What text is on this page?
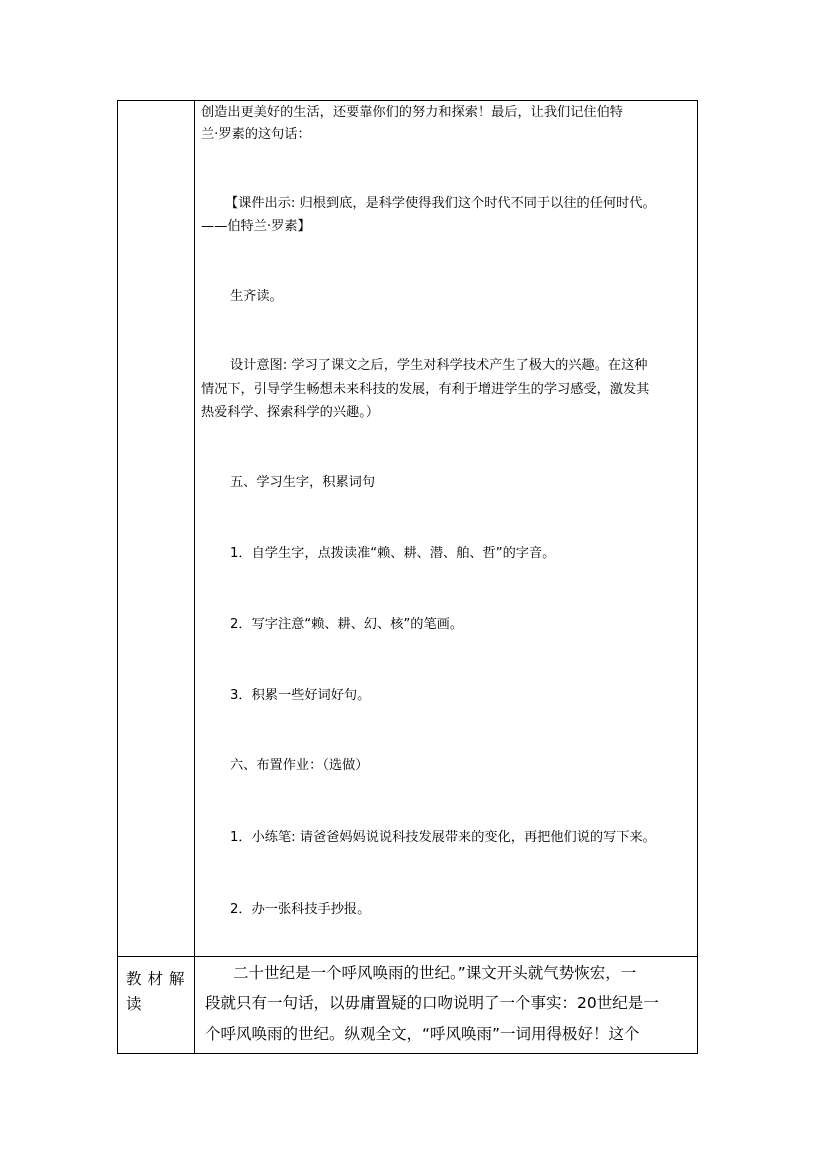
创造出更美好的生活，还要靠你们的努力和探索！最后，让我们记住伯特

兰·罗素的这句话：

【课件出示: 归根到底，是科学使得我们这个时代不同于以往的任何时代。

——伯特兰·罗素】

生齐读。

设计意图: 学习了课文之后，学生对科学技术产生了极大的兴趣。在这种

情况下，引导学生畅想未来科技的发展，有利于增进学生的学习感受，激发其

热爱科学、探索科学的兴趣。）

五、学习生字，积累词句

1．自学生字，点拨读准“赖、耕、潜、舶、哲”的字音。

2．写字注意“赖、耕、幻、核”的笔画。

3．积累一些好词好句。

六、布置作业：（选做）

1．小练笔: 请爸爸妈妈说说科技发展带来的变化，再把他们说的写下来。

2．办一张科技手抄报。

教材解
读

二十世纪是一个呼风唤雨的世纪。”课文开头就气势恢宏，一

段就只有一句话，以毋庸置疑的口吻说明了一个事实：20世纪是一

个呼风唤雨的世纪。纵观全文，“呼风唤雨”一词用得极好！这个
